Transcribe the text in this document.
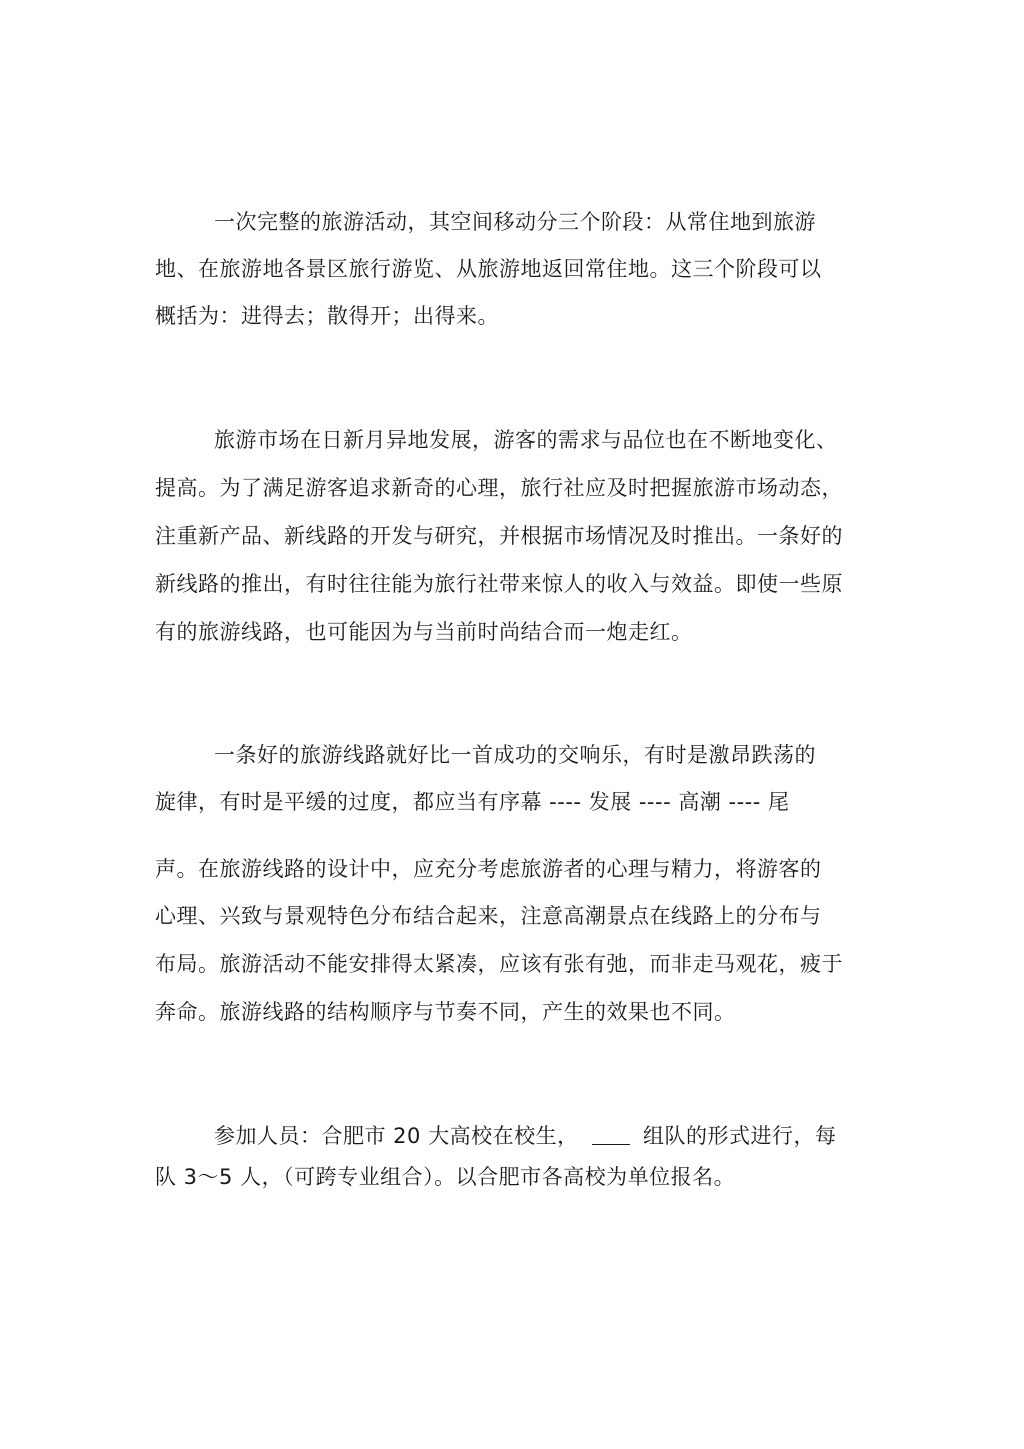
一次完整的旅游活动，其空间移动分三个阶段：从常住地到旅游
地、在旅游地各景区旅行游览、从旅游地返回常住地。这三个阶段可以
概括为：进得去；散得开；出得来。
旅游市场在日新月异地发展，游客的需求与品位也在不断地变化、
提高。为了满足游客追求新奇的心理，旅行社应及时把握旅游市场动态，
注重新产品、新线路的开发与研究，并根据市场情况及时推出。一条好的
新线路的推出，有时往往能为旅行社带来惊人的收入与效益。即使一些原
有的旅游线路，也可能因为与当前时尚结合而一炮走红。
一条好的旅游线路就好比一首成功的交响乐，有时是激昂跌荡的
旋律，有时是平缓的过度，都应当有序幕 ---- 发展 ---- 高潮 ---- 尾
声。在旅游线路的设计中，应充分考虑旅游者的心理与精力，将游客的
心理、兴致与景观特色分布结合起来，注意高潮景点在线路上的分布与
布局。旅游活动不能安排得太紧凑，应该有张有弛，而非走马观花，疲于
奔命。旅游线路的结构顺序与节奏不同，产生的效果也不同。
参加人员：合肥市 20 大高校在校生，	组队的形式进行，每
队 3～5 人，（可跨专业组合）。以合肥市各高校为单位报名。
